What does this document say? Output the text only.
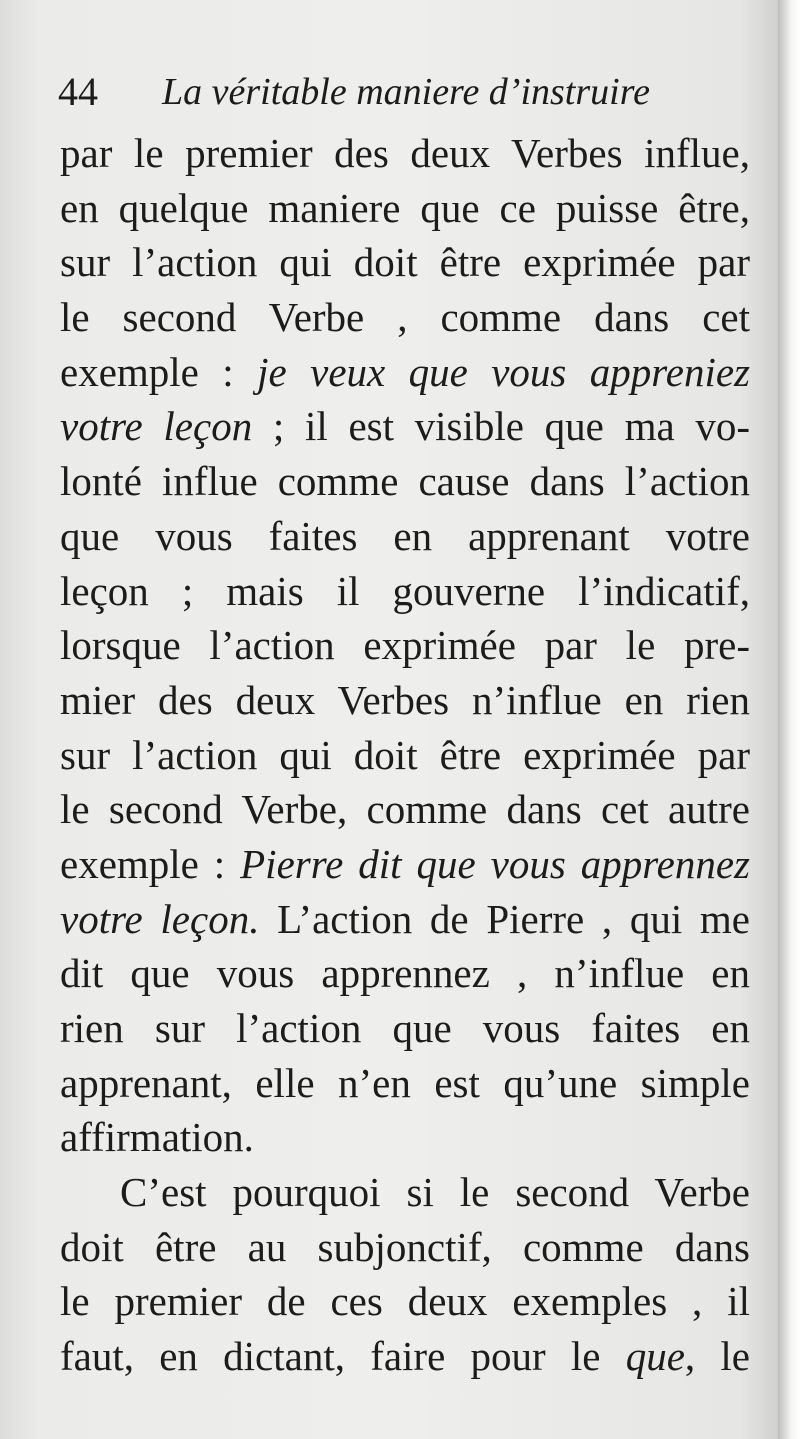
44 La véritable maniere d’instruire
par le premier des deux Verbes influe,
en quelque maniere que ce puisse être,
sur l’action qui doit être exprimée par
le second Verbe , comme dans cet
exemple : je veux que vous appreniez
votre leçon ; il est visible que ma vo-
lonté influe comme cause dans l’action
que vous faites en apprenant votre
leçon ; mais il gouverne l’indicatif,
lorsque l’action exprimée par le pre-
mier des deux Verbes n’influe en rien
sur l’action qui doit être exprimée par
le second Verbe, comme dans cet autre
exemple : Pierre dit que vous apprennez
votre leçon. L’action de Pierre , qui me
dit que vous apprennez , n’influe en
rien sur l’action que vous faites en
apprenant, elle n’en est qu’une simple
affirmation.
C’est pourquoi si le second Verbe
doit être au subjonctif, comme dans
le premier de ces deux exemples , il
faut, en dictant, faire pour le que, le
